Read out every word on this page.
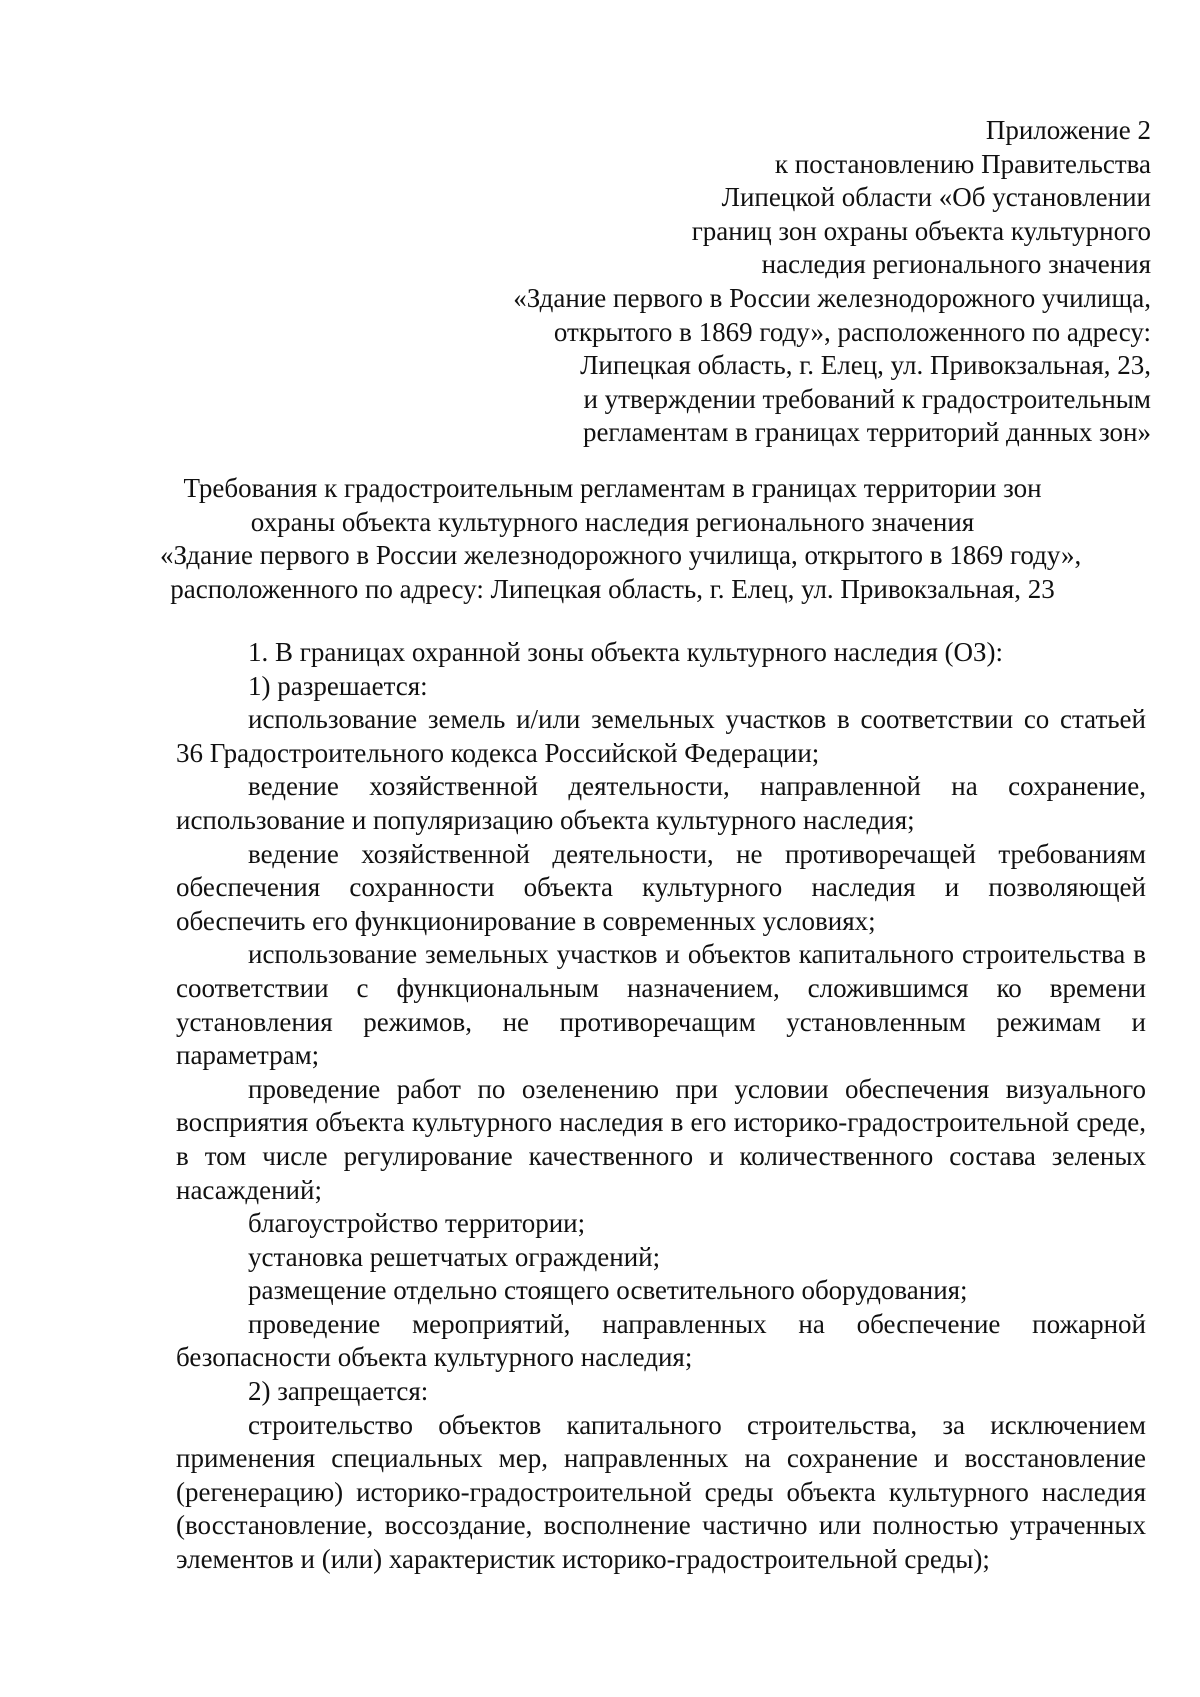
Приложение 2
к постановлению Правительства
Липецкой области «Об установлении
границ зон охраны объекта культурного
наследия регионального значения
«Здание первого в России железнодорожного училища,
открытого в 1869 году», расположенного по адресу:
Липецкая область, г. Елец, ул. Привокзальная, 23,
и утверждении требований к градостроительным
регламентам в границах территорий данных зон»
Требования к градостроительным регламентам в границах территории зон
охраны объекта культурного наследия регионального значения
«Здание первого в России железнодорожного училища, открытого в 1869 году»,
расположенного по адресу: Липецкая область, г. Елец, ул. Привокзальная, 23

1. В границах охранной зоны объекта культурного наследия (ОЗ):

1) разрешается:

использование земель и/или земельных участков в соответствии со статьей 36 Градостроительного кодекса Российской Федерации;

ведение хозяйственной деятельности, направленной на сохранение, использование и популяризацию объекта культурного наследия;

ведение хозяйственной деятельности, не противоречащей требованиям обеспечения сохранности объекта культурного наследия и позволяющей обеспечить его функционирование в современных условиях;

использование земельных участков и объектов капитального строительства в соответствии с функциональным назначением, сложившимся ко времени установления режимов, не противоречащим установленным режимам и параметрам;

проведение работ по озеленению при условии обеспечения визуального восприятия объекта культурного наследия в его историко-градостроительной среде, в том числе регулирование качественного и количественного состава зеленых насаждений;

благоустройство территории;

установка решетчатых ограждений;

размещение отдельно стоящего осветительного оборудования;

проведение мероприятий, направленных на обеспечение пожарной безопасности объекта культурного наследия;

2) запрещается:

строительство объектов капитального строительства, за исключением применения специальных мер, направленных на сохранение и восстановление (регенерацию) историко-градостроительной среды объекта культурного наследия (восстановление, воссоздание, восполнение частично или полностью утраченных элементов и (или) характеристик историко-градостроительной среды);
